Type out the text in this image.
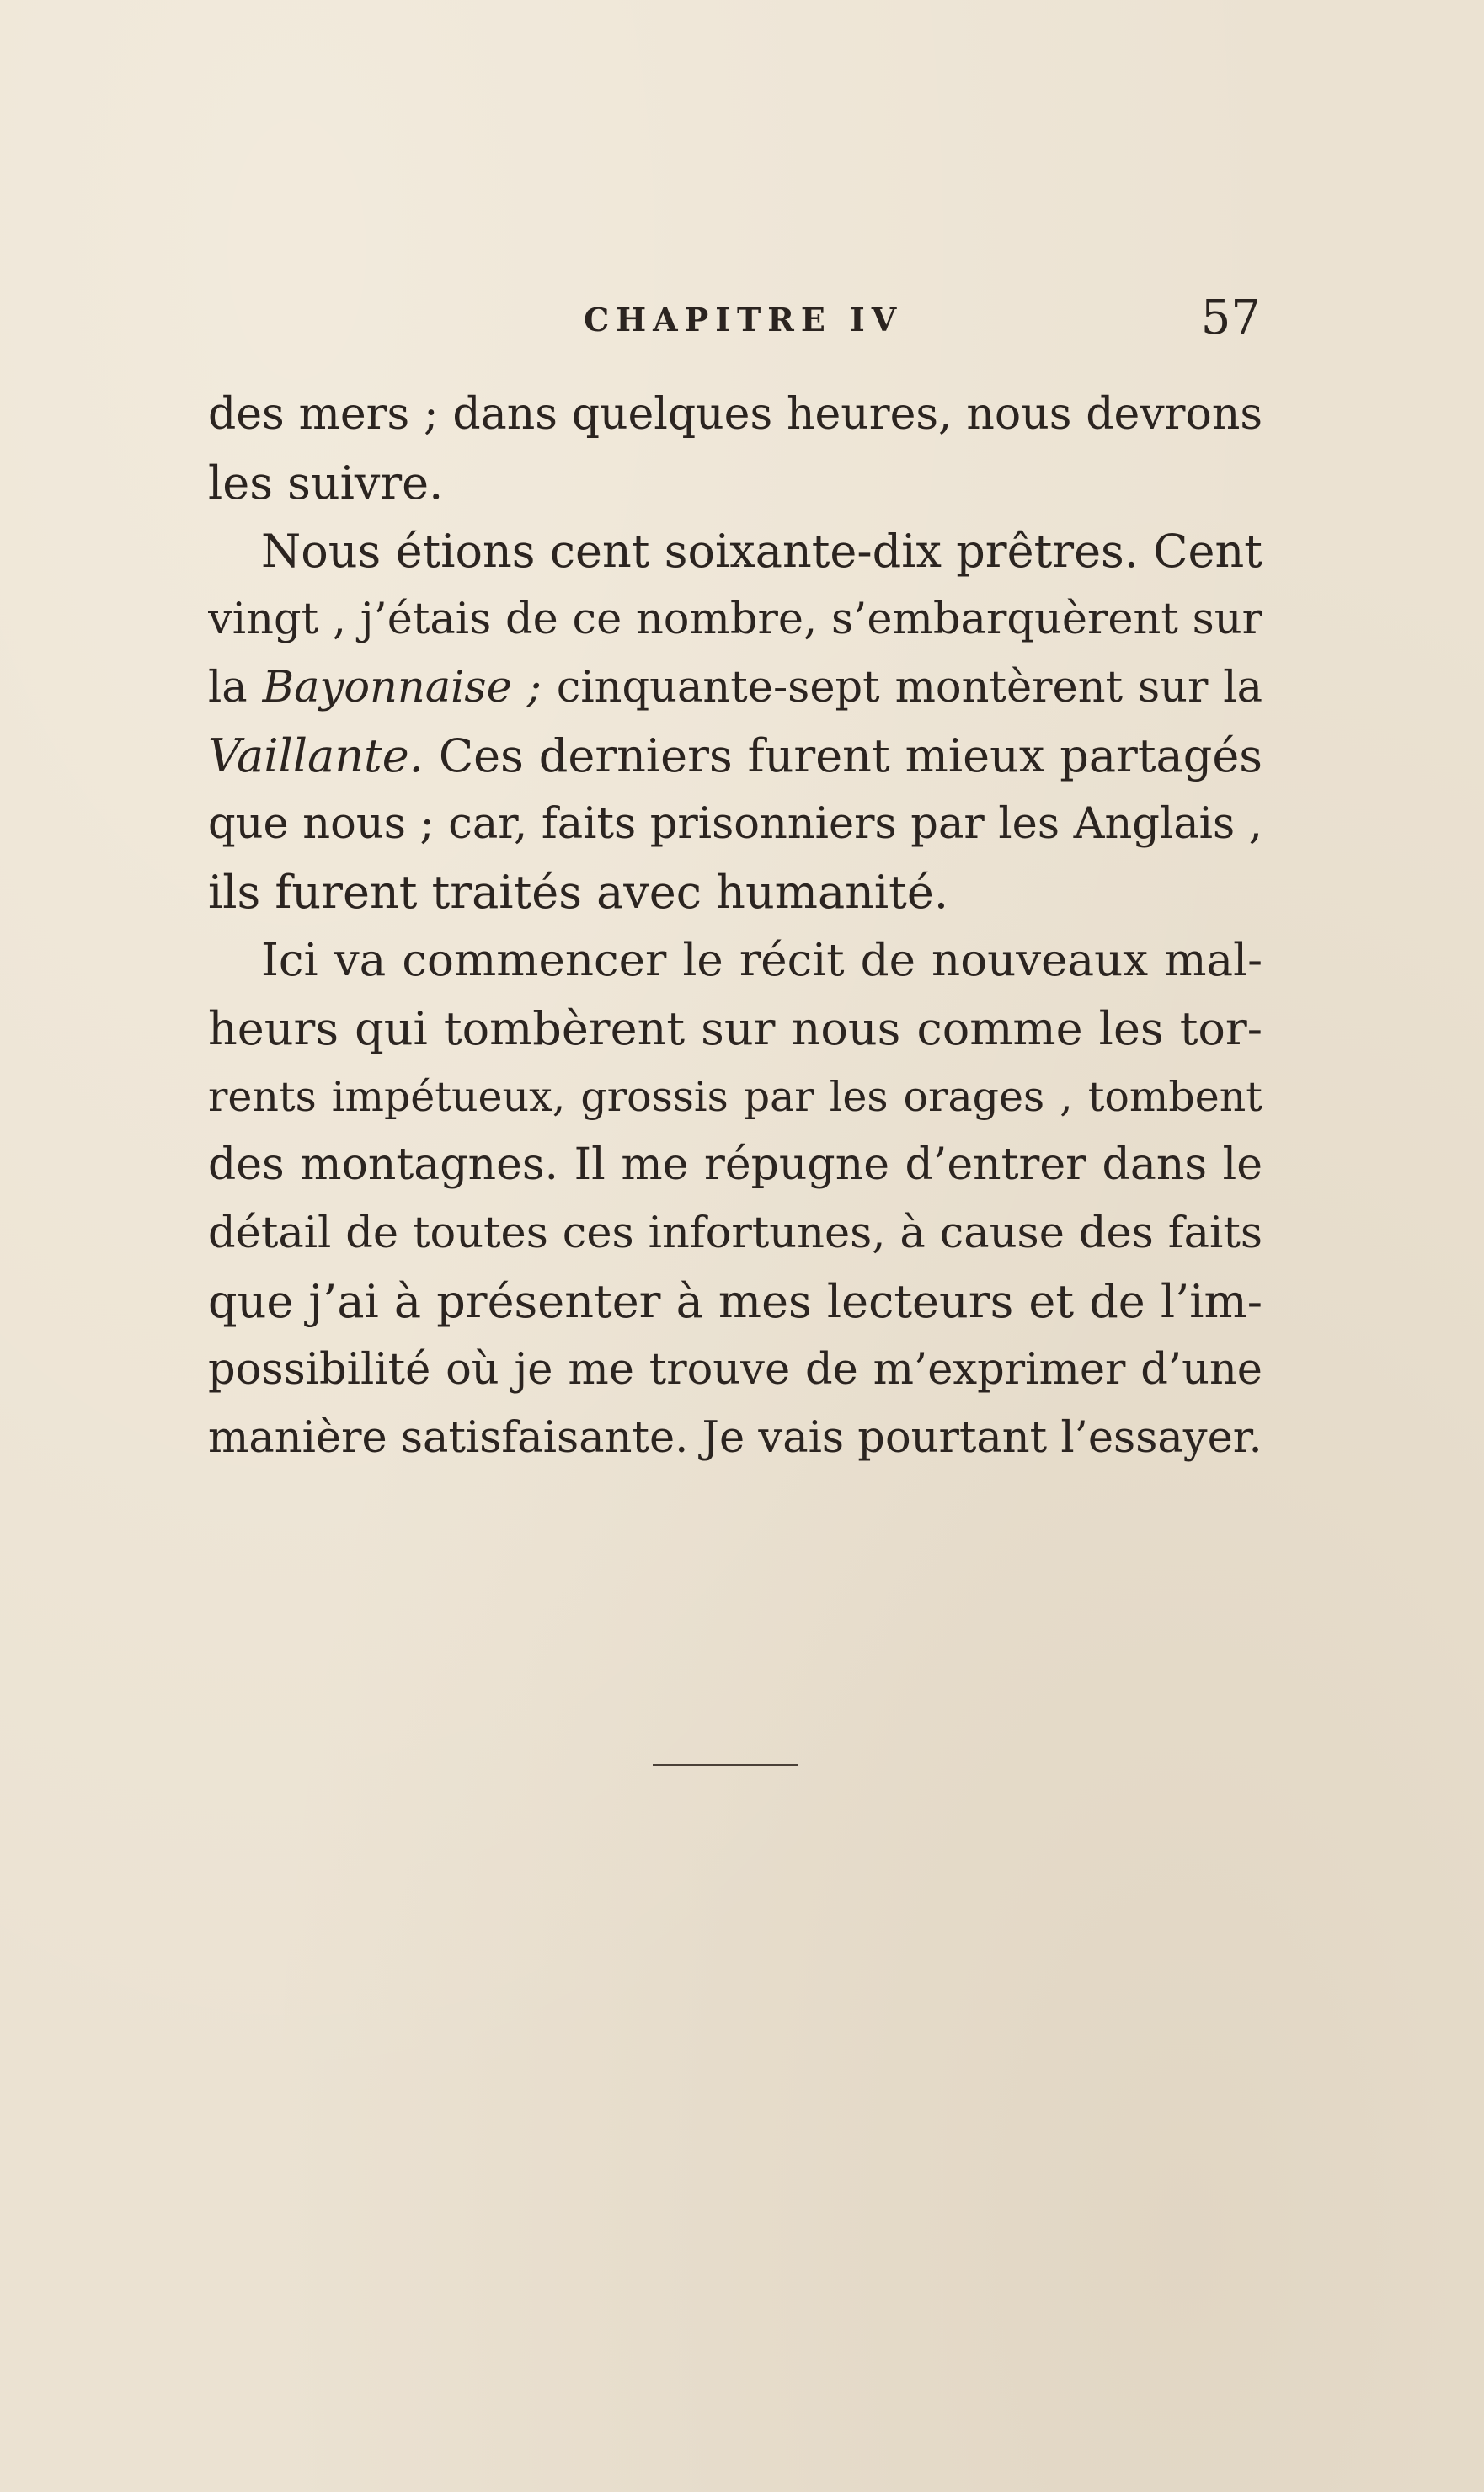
CHAPITRE IV	57
des mers ; dans quelques heures, nous devrons
les suivre.
Nous étions cent soixante-dix prêtres. Cent
vingt , j’étais de ce nombre, s’embarquèrent sur
la Bayonnaise ; cinquante-sept montèrent sur la
Vaillante. Ces derniers furent mieux partagés
que nous ; car, faits prisonniers par les Anglais ,
ils furent traités avec humanité.
Ici va commencer le récit de nouveaux mal-
heurs qui tombèrent sur nous comme les tor-
rents impétueux, grossis par les orages , tombent
des montagnes. Il me répugne d’entrer dans le
détail de toutes ces infortunes, à cause des faits
que j’ai à présenter à mes lecteurs et de l’im-
possibilité où je me trouve de m’exprimer d’une
manière satisfaisante. Je vais pourtant l’essayer.
